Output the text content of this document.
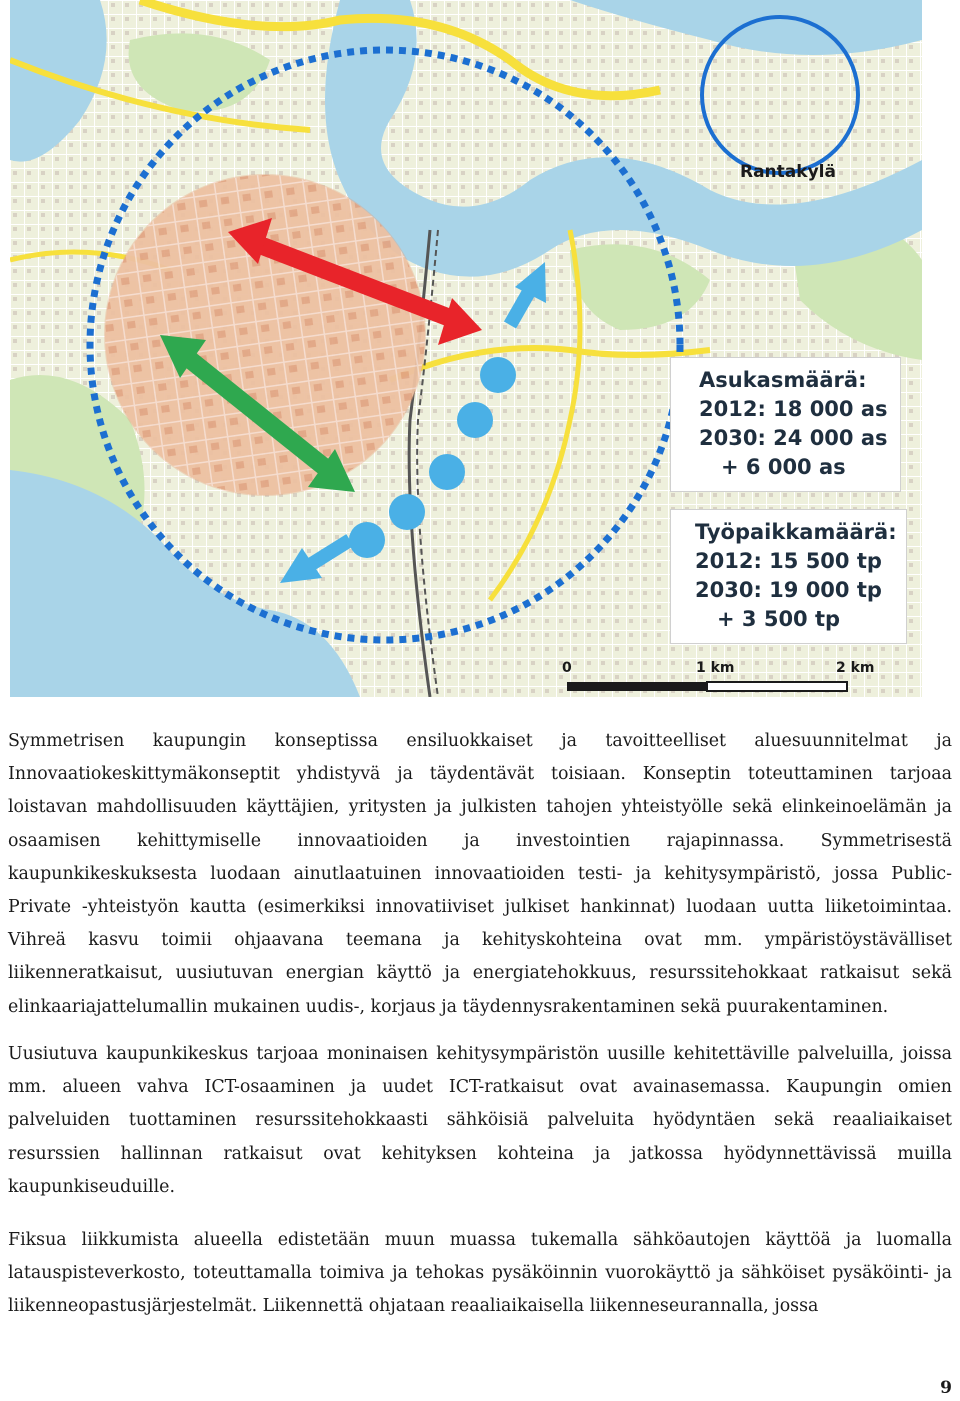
Rantakylä
Asukasmäärä:
2012: 18 000 as
2030: 24 000 as
+ 6 000 as
Työpaikkamäärä:
2012: 15 500 tp
2030: 19 000 tp
+ 3 500 tp
0	1 km	2 km

Symmetrisen kaupungin konseptissa ensiluokkaiset ja tavoitteelliset aluesuunnitelmat ja Innovaatiokeskittymäkonseptit yhdistyvä ja täydentävät toisiaan. Konseptin toteuttaminen tarjoaa loistavan mahdollisuuden käyttäjien, yritysten ja julkisten tahojen yhteistyölle sekä elinkeinoelämän ja osaamisen kehittymiselle innovaatioiden ja investointien rajapinnassa. Symmetrisestä kaupunkikeskuksesta luodaan ainutlaatuinen innovaatioiden testi- ja kehitysympäristö, jossa Public-Private -yhteistyön kautta (esimerkiksi innovatiiviset julkiset hankinnat) luodaan uutta liiketoimintaa. Vihreä kasvu toimii ohjaavana teemana ja kehityskohteina ovat mm. ympäristöystävälliset liikenneratkaisut, uusiutuvan energian käyttö ja energiatehokkuus, resurssitehokkaat ratkaisut sekä elinkaariajattelumallin mukainen uudis-, korjaus ja täydennysrakentaminen sekä puurakentaminen.

Uusiutuva kaupunkikeskus tarjoaa moninaisen kehitysympäristön uusille kehitettäville palveluilla, joissa mm. alueen vahva ICT-osaaminen ja uudet ICT-ratkaisut ovat avainasemassa. Kaupungin omien palveluiden tuottaminen resurssitehokkaasti sähköisiä palveluita hyödyntäen sekä reaaliaikaiset resurssien hallinnan ratkaisut ovat kehityksen kohteina ja jatkossa hyödynnettävissä muilla kaupunkiseuduille.

Fiksua liikkumista alueella edistetään muun muassa tukemalla sähköautojen käyttöä ja luomalla latauspisteverkosto, toteuttamalla toimiva ja tehokas pysäköinnin vuorokäyttö ja sähköiset pysäköinti- ja liikenneopastusjärjestelmät. Liikennettä ohjataan reaaliaikaisella liikenneseurannalla, jossa

9
